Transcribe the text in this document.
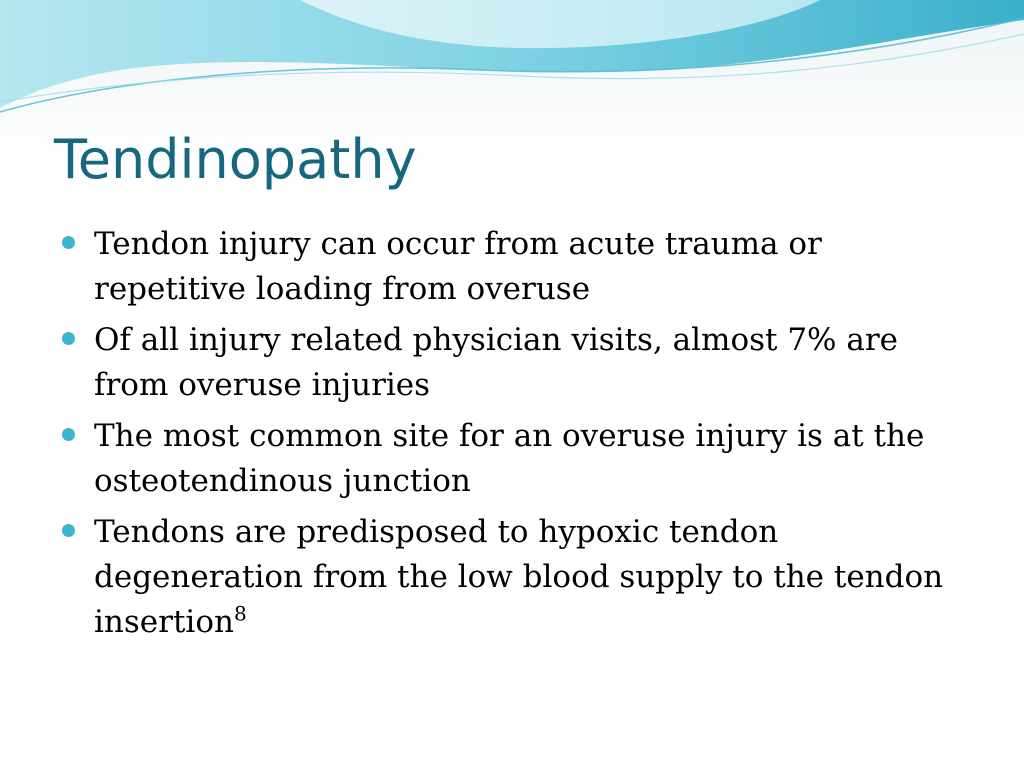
Tendinopathy
Tendon injury can occur from acute trauma or repetitive loading from overuse
Of all injury related physician visits, almost 7% are from overuse injuries
The most common site for an overuse injury is at the osteotendinous junction
Tendons are predisposed to hypoxic tendon degeneration from the low blood supply to the tendon insertion$^8$
